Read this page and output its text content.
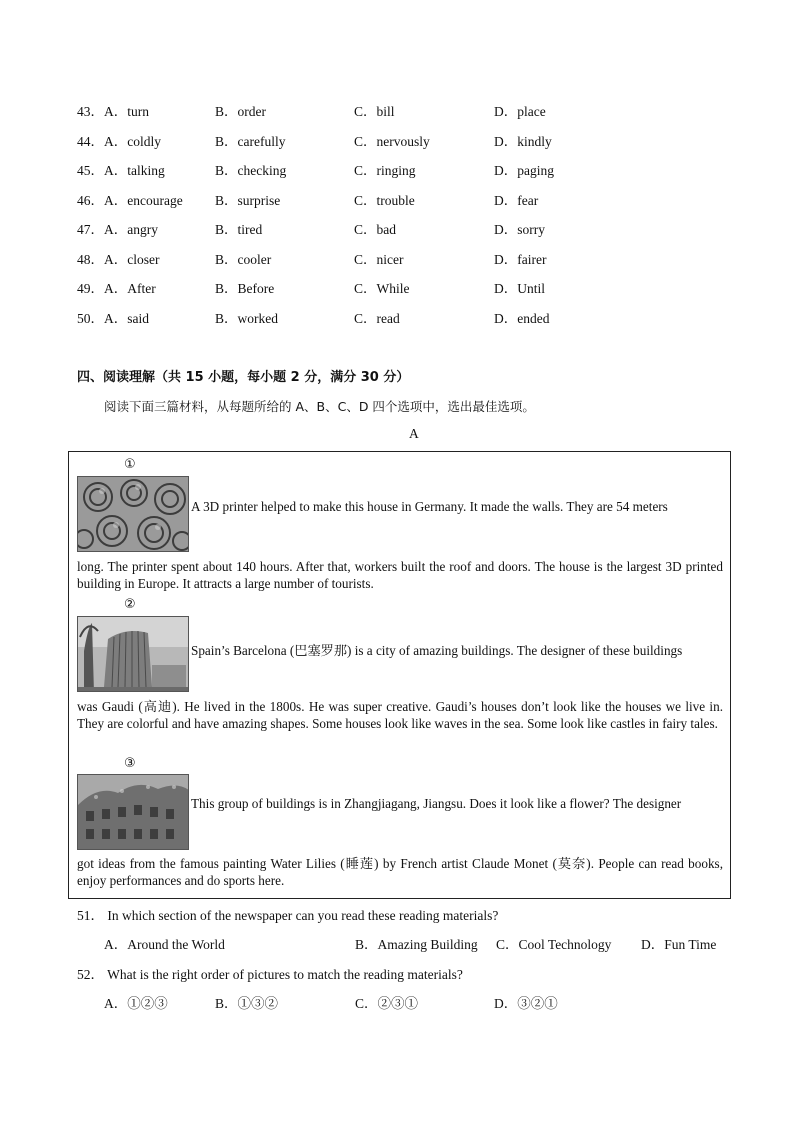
43． A．turn	B．order	C．bill	D．place
44． A．coldly	B．carefully	C．nervously	D．kindly
45． A．talking	B．checking	C．ringing	D．paging
46． A．encourage B．surprise	C．trouble	D．fear
47． A．angry	B．tired	C．bad	D．sorry
48． A．closer	B．cooler	C．nicer	D．fairer
49． A．After	B．Before	C．While	D．Until
50． A．said	B．worked	C．read	D．ended
四、阅读理解（共 15 小题，每小题 2 分，满分 30 分）
阅读下面三篇材料，从每题所给的 A、B、C、D 四个选项中，选出最佳选项。
A
①
A 3D printer helped to make this house in Germany. It made the walls. They are 54 meters
long. The printer spent about 140 hours. After that, workers built the roof and doors. The house is the largest 3D printed building in Europe. It attracts a large number of tourists.
②
Spain’s Barcelona (巴塞罗那) is a city of amazing buildings. The designer of these buildings
was Gaudi (高迪). He lived in the 1800s. He was super creative. Gaudi’s houses don’t look like the houses we live in. They are colorful and have amazing shapes. Some houses look like waves in the sea. Some look like castles in fairy tales.
③
This group of buildings is in Zhangjiagang, Jiangsu. Does it look like a flower? The designer
got ideas from the famous painting Water Lilies (睡莲) by French artist Claude Monet (莫奈). People can read books, enjoy performances and do sports here.
51． In which section of the newspaper can you read these reading materials?
A．Around the World	B．Amazing Building C．Cool Technology D．Fun Time
52． What is the right order of pictures to match the reading materials?
A．①②③	B．①③②	C．②③①	D．③②①
